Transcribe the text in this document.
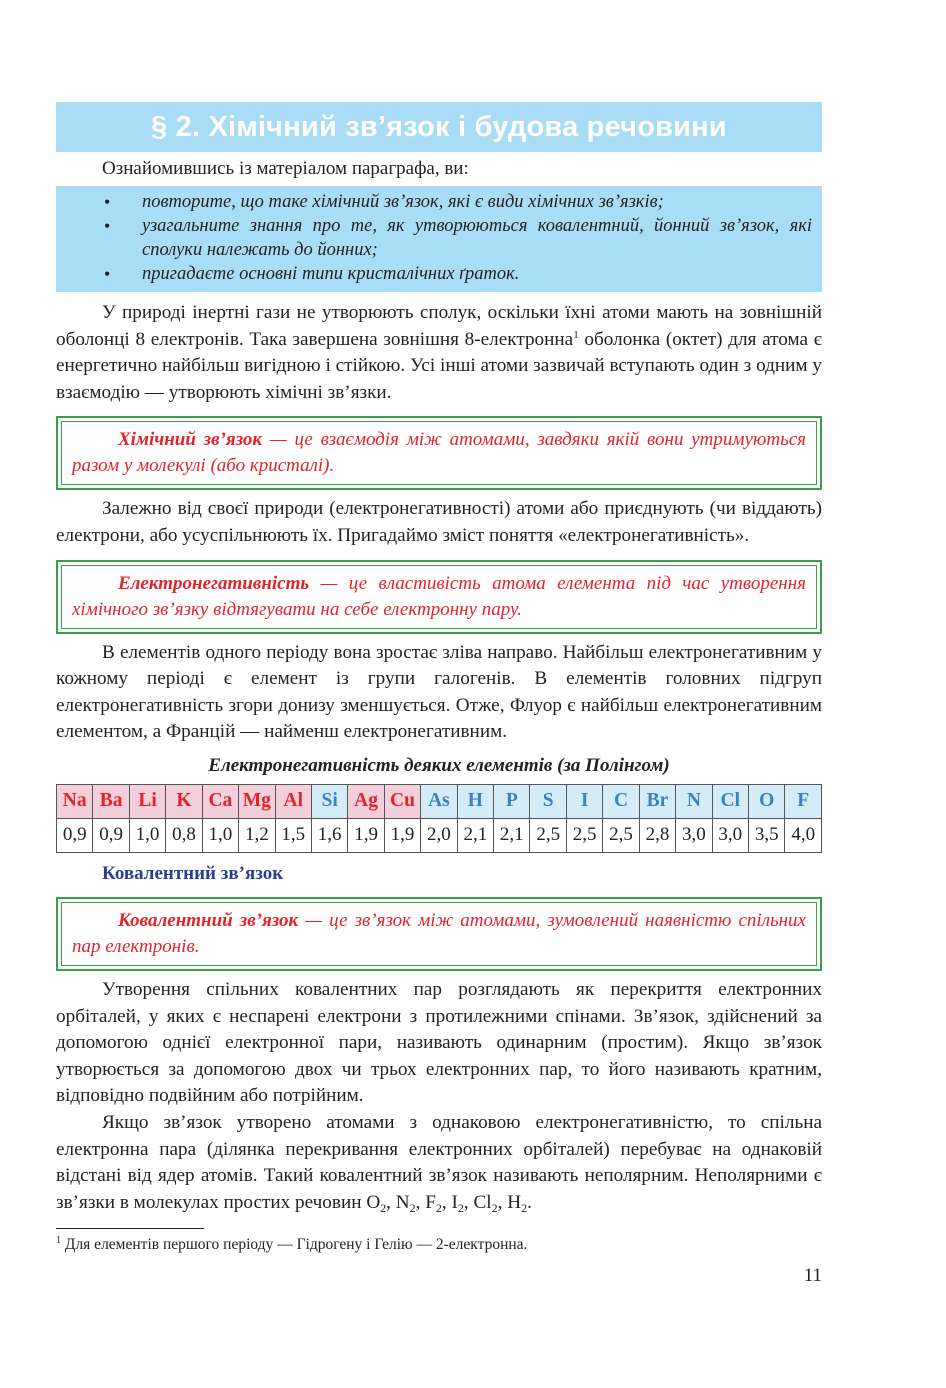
§ 2. Хімічний зв’язок і будова речовини
Ознайомившись із матеріалом параграфа, ви:
• повторите, що таке хімічний зв’язок, які є види хімічних зв’язків;
• узагальните знання про те, як утворюються ковалентний, йонний зв’язок, які сполуки належать до йонних;
• пригадаєте основні типи кристалічних ґраток.

У природі інертні гази не утворюють сполук, оскільки їхні атоми мають на зовнішній оболонці 8 електронів. Така завершена зовнішня 8-електронна$^1$ оболонка (октет) для атома є енергетично найбільш вигідною і стійкою. Усі інші атоми зазвичай вступають один з одним у взаємодію — утворюють хімічні зв’язки.

Хімічний зв’язок — це взаємодія між атомами, завдяки якій вони утримуються разом у молекулі (або кристалі).

Залежно від своєї природи (електронегативності) атоми або приєднують (чи віддають) електрони, або усуспільнюють їх. Пригадаймо зміст поняття «електронегативність».

Електронегативність — це властивість атома елемента під час утворення хімічного зв’язку відтягувати на себе електронну пару.

В елементів одного періоду вона зростає зліва направо. Найбільш електронегативним у кожному періоді є елемент із групи галогенів. В елементів головних підгруп електронегативність згори донизу зменшується. Отже, Флуор є найбільш електронегативним елементом, а Францій — найменш електронегативним.

Електронегативність деяких елементів (за Полінгом)
Na	Ba	Li	K	Ca	Mg	Al	Si	Ag	Cu	As	H	P	S	I	C	Br	N	Cl	O	F
0,9	0,9	1,0	0,8	1,0	1,2	1,5	1,6	1,9	1,9	2,0	2,1	2,1	2,5	2,5	2,5	2,8	3,0	3,0	3,5	4,0
Ковалентний зв’язок
Ковалентний зв’язок — це зв’язок між атомами, зумовлений наявністю спільних пар електронів.

Утворення спільних ковалентних пар розглядають як перекриття електронних орбіталей, у яких є неспарені електрони з протилежними спінами. Зв’язок, здійснений за допомогою однієї електронної пари, називають одинарним (простим). Якщо зв’язок утворюється за допомогою двох чи трьох електронних пар, то його називають кратним, відповідно подвійним або потрійним.

Якщо зв’язок утворено атомами з однаковою електронегативністю, то спільна електронна пара (ділянка перекривання електронних орбіталей) перебуває на однаковій відстані від ядер атомів. Такий ковалентний зв’язок називають неполярним. Неполярними є зв’язки в молекулах простих речовин $O_2$, $N_2$, $F_2$, $I_2$, $Cl_2$, $H_2$.

$^1$ Для елементів першого періоду — Гідрогену і Гелію — 2-електронна.
11
